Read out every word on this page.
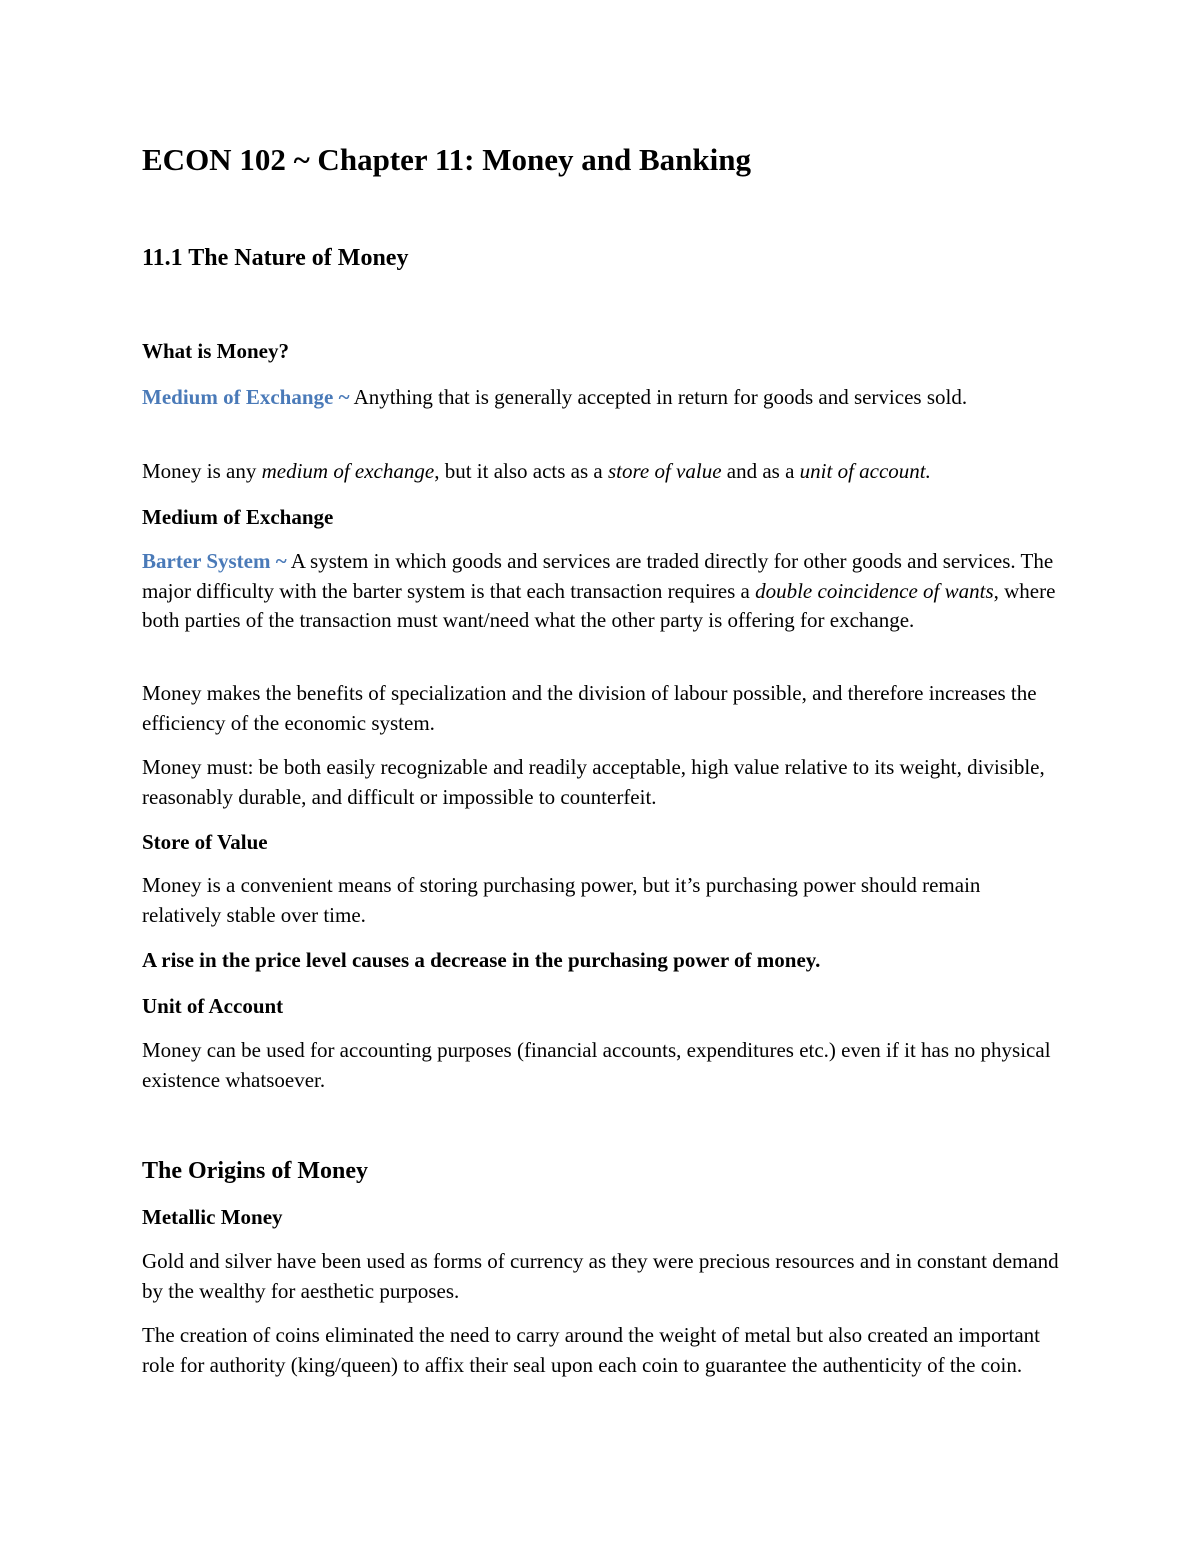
ECON 102 ~ Chapter 11: Money and Banking
11.1 The Nature of Money
What is Money?

Medium of Exchange ~ Anything that is generally accepted in return for goods and services sold.

Money is any medium of exchange, but it also acts as a store of value and as a unit of account.

Medium of Exchange

Barter System ~ A system in which goods and services are traded directly for other goods and services. The major difficulty with the barter system is that each transaction requires a double coincidence of wants, where both parties of the transaction must want/need what the other party is offering for exchange.

Money makes the benefits of specialization and the division of labour possible, and therefore increases the efficiency of the economic system.

Money must: be both easily recognizable and readily acceptable, high value relative to its weight, divisible, reasonably durable, and difficult or impossible to counterfeit.

Store of Value

Money is a convenient means of storing purchasing power, but it’s purchasing power should remain relatively stable over time.

A rise in the price level causes a decrease in the purchasing power of money.

Unit of Account

Money can be used for accounting purposes (financial accounts, expenditures etc.) even if it has no physical existence whatsoever.

The Origins of Money
Metallic Money

Gold and silver have been used as forms of currency as they were precious resources and in constant demand by the wealthy for aesthetic purposes.

The creation of coins eliminated the need to carry around the weight of metal but also created an important role for authority (king/queen) to affix their seal upon each coin to guarantee the authenticity of the coin.
